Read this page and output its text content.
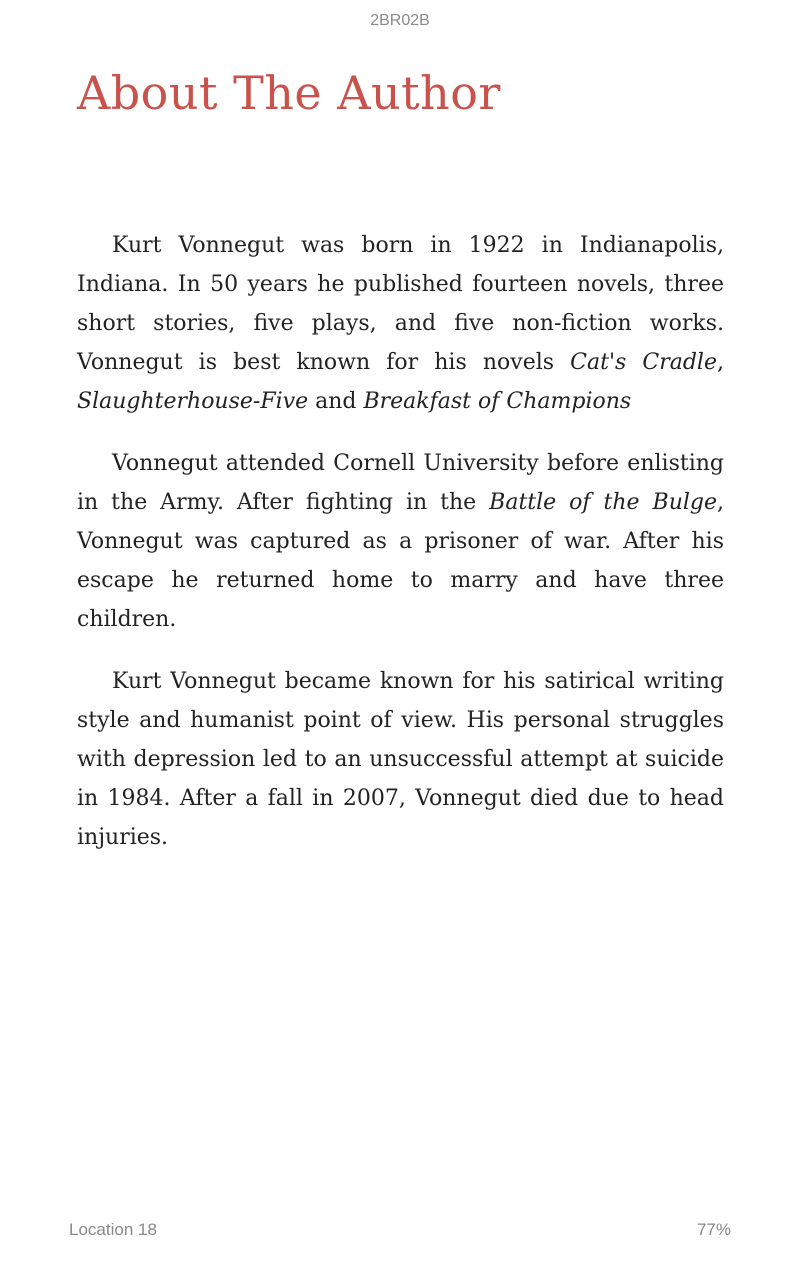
2BR02B
About The Author

Kurt Vonnegut was born in 1922 in Indianapolis, Indiana. In 50 years he published fourteen novels, three short stories, five plays, and five non-fiction works. Vonnegut is best known for his novels Cat's Cradle, Slaughterhouse-Five and Breakfast of Champions

Vonnegut attended Cornell University before enlisting in the Army. After fighting in the Battle of the Bulge, Vonnegut was captured as a prisoner of war. After his escape he returned home to marry and have three children.

Kurt Vonnegut became known for his satirical writing style and humanist point of view. His personal struggles with depression led to an unsuccessful attempt at suicide in 1984. After a fall in 2007, Vonnegut died due to head injuries.

Location 18	77%
